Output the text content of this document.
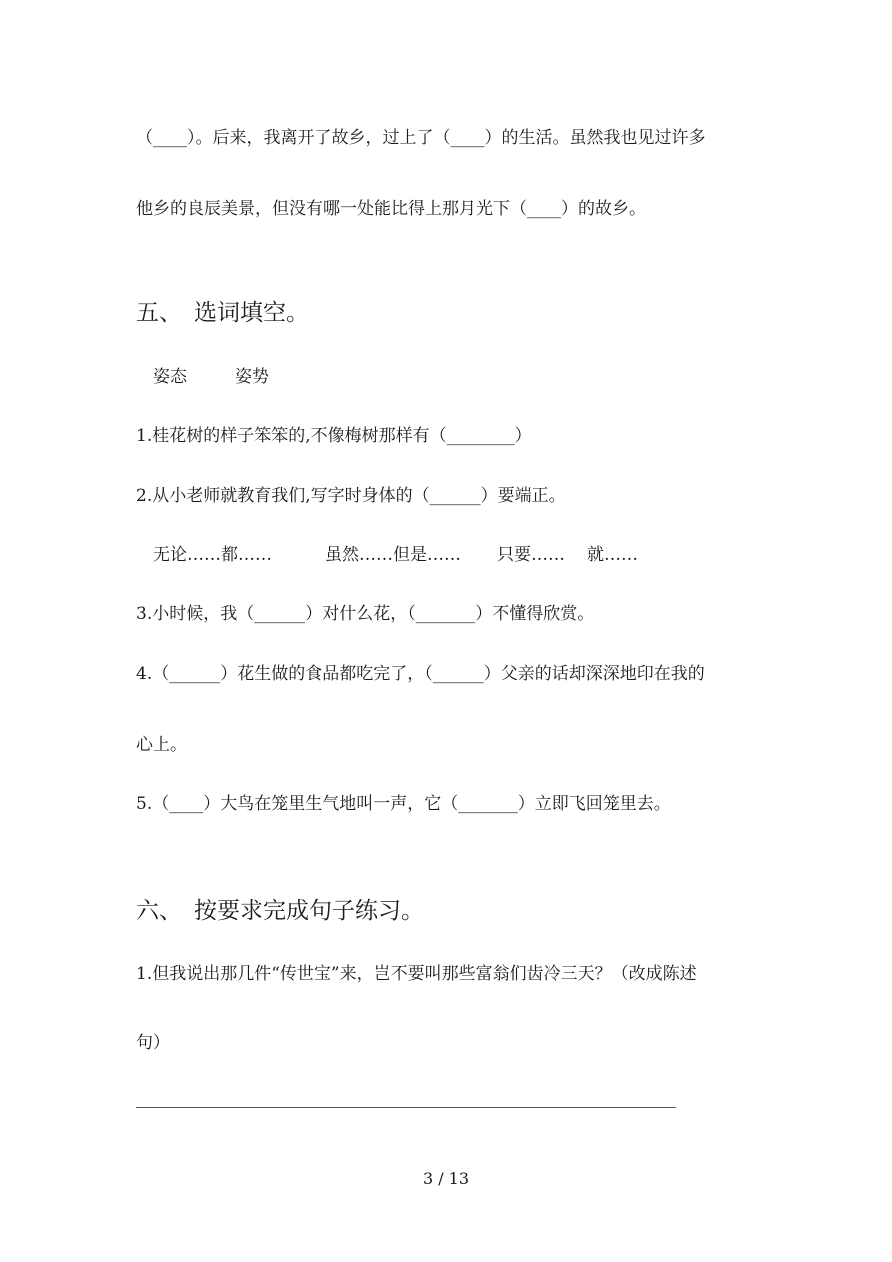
（____）。后来，我离开了故乡，过上了（____）的生活。虽然我也见过许多
他乡的良辰美景，但没有哪一处能比得上那月光下（____）的故乡。
五、 选词填空。
姿态	姿势
1.桂花树的样子笨笨的,不像梅树那样有（________）
2.从小老师就教育我们,写字时身体的（______）要端正。
无论……都……	虽然……但是…… 只要…… 就……
3.小时候，我（______）对什么花，（_______）不懂得欣赏。
4.（______）花生做的食品都吃完了，（______）父亲的话却深深地印在我的
心上。
5.（____）大鸟在笼里生气地叫一声，它（_______）立即飞回笼里去。
六、 按要求完成句子练习。
1.但我说出那几件“传世宝”来，岂不要叫那些富翁们齿冷三天？（改成陈述
句）
3 / 13
